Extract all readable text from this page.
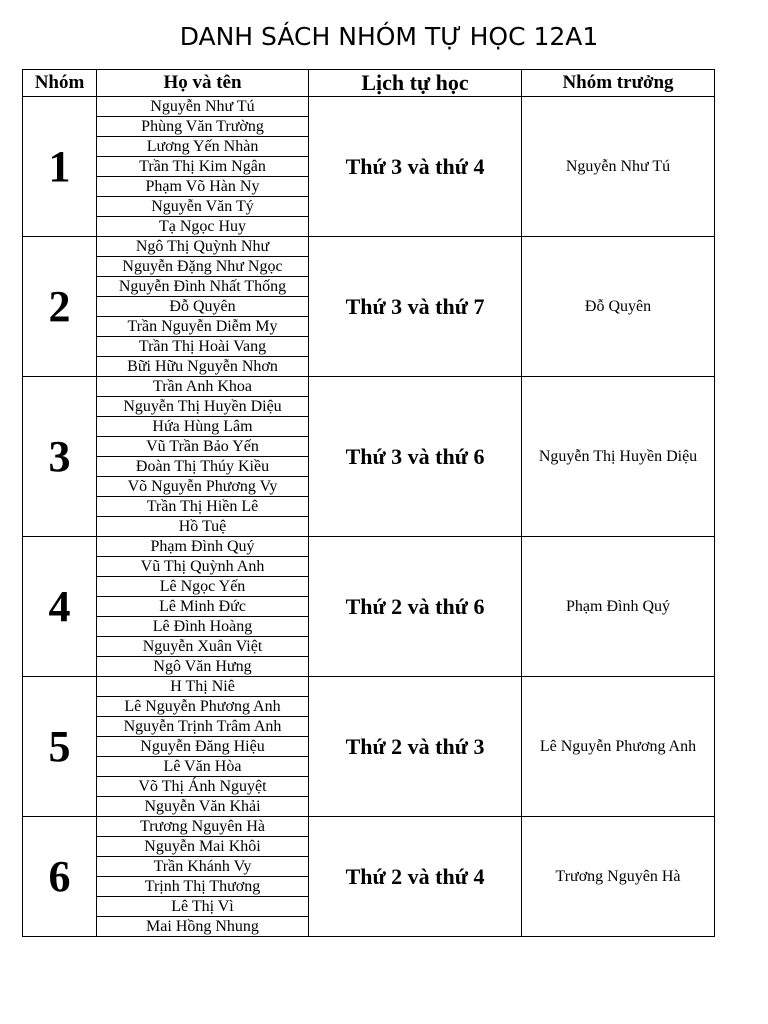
DANH SÁCH NHÓM TỰ HỌC 12A1
Nhóm	Họ và tên	Lịch tự học	Nhóm trưởng
1	Nguyễn Như Tú	Thứ 3 và thứ 4	Nguyễn Như Tú
	Phùng Văn Trường		
	Lương Yến Nhàn		
	Trần Thị Kim Ngân		
	Phạm Võ Hàn Ny		
	Nguyễn Văn Tý		
	Tạ Ngọc Huy		
2	Ngô Thị Quỳnh Như	Thứ 3 và thứ 7	Đỗ Quyên
	Nguyễn Đặng Như Ngọc		
	Nguyễn Đình Nhất Thống		
	Đỗ Quyên		
	Trần Nguyễn Diễm My		
	Trần Thị Hoài Vang		
	Bữi Hữu Nguyễn Nhơn		
3	Trần Anh Khoa	Thứ 3 và thứ 6	Nguyễn Thị Huyền Diệu
	Nguyễn Thị Huyền Diệu		
	Hứa Hùng Lâm		
	Vũ Trần Bảo Yến		
	Đoàn Thị Thúy Kiều		
	Võ Nguyễn Phương Vy		
	Trần Thị Hiền Lê		
	Hồ Tuệ		
4	Phạm Đình Quý	Thứ 2 và thứ 6	Phạm Đình Quý
	Vũ Thị Quỳnh Anh		
	Lê Ngọc Yến		
	Lê Minh Đức		
	Lê Đình Hoàng		
	Nguyễn Xuân Việt		
	Ngô Văn Hưng		
5	H Thị Niê	Thứ 2 và thứ 3	Lê Nguyễn Phương Anh
	Lê Nguyễn Phương Anh		
	Nguyễn Trịnh Trâm Anh		
	Nguyễn Đăng Hiệu		
	Lê Văn Hòa		
	Võ Thị Ánh Nguyệt		
	Nguyễn Văn Khải		
6	Trương Nguyên Hà	Thứ 2 và thứ 4	Trương Nguyên Hà
	Nguyễn Mai Khôi		
	Trần Khánh Vy		
	Trịnh Thị Thương		
	Lê Thị Vì		
	Mai Hồng Nhung		
